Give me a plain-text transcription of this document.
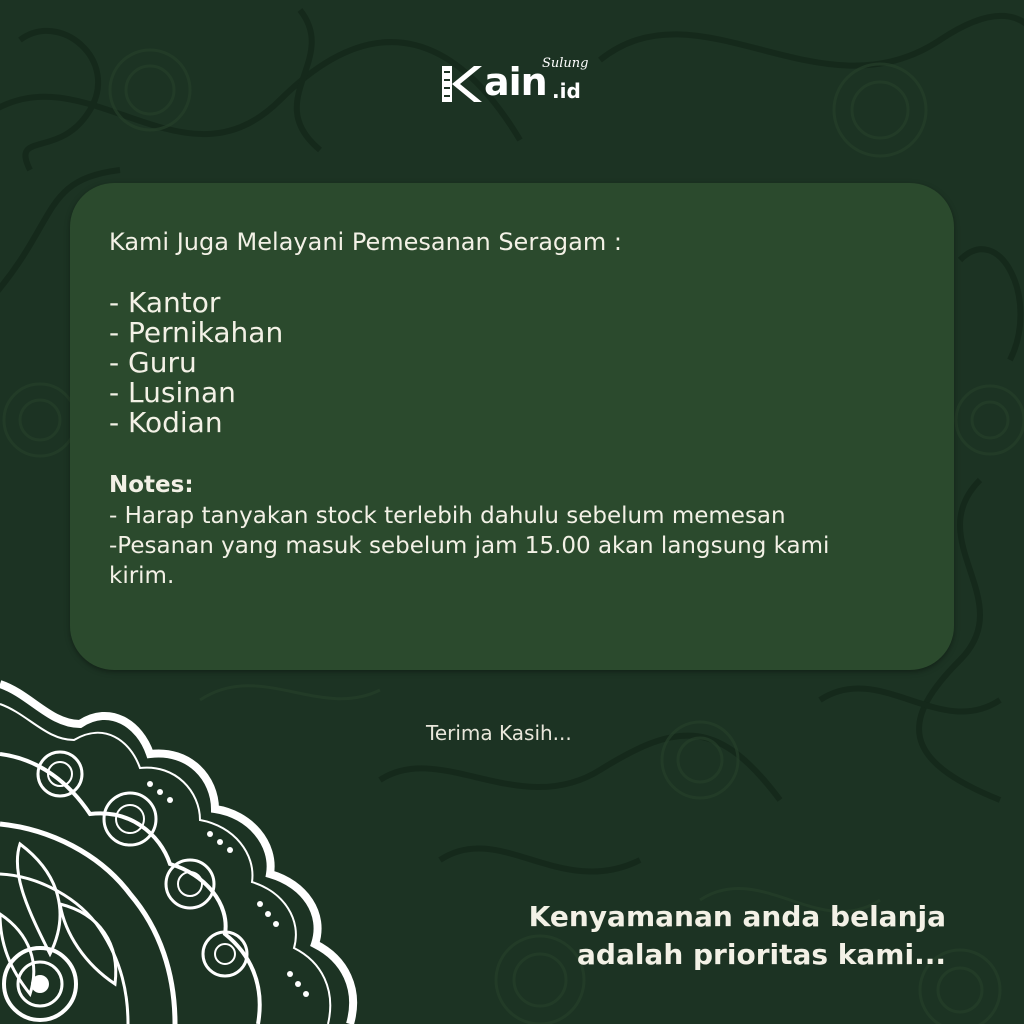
ain
Sulung
.id
Kami Juga Melayani Pemesanan Seragam :
- Kantor
- Pernikahan
- Guru
- Lusinan
- Kodian
Notes:

- Harap tanyakan stock terlebih dahulu sebelum memesan

-Pesanan yang masuk sebelum jam 15.00 akan langsung kami kirim.

Terima Kasih...
Kenyamanan anda belanja
adalah prioritas kami...
